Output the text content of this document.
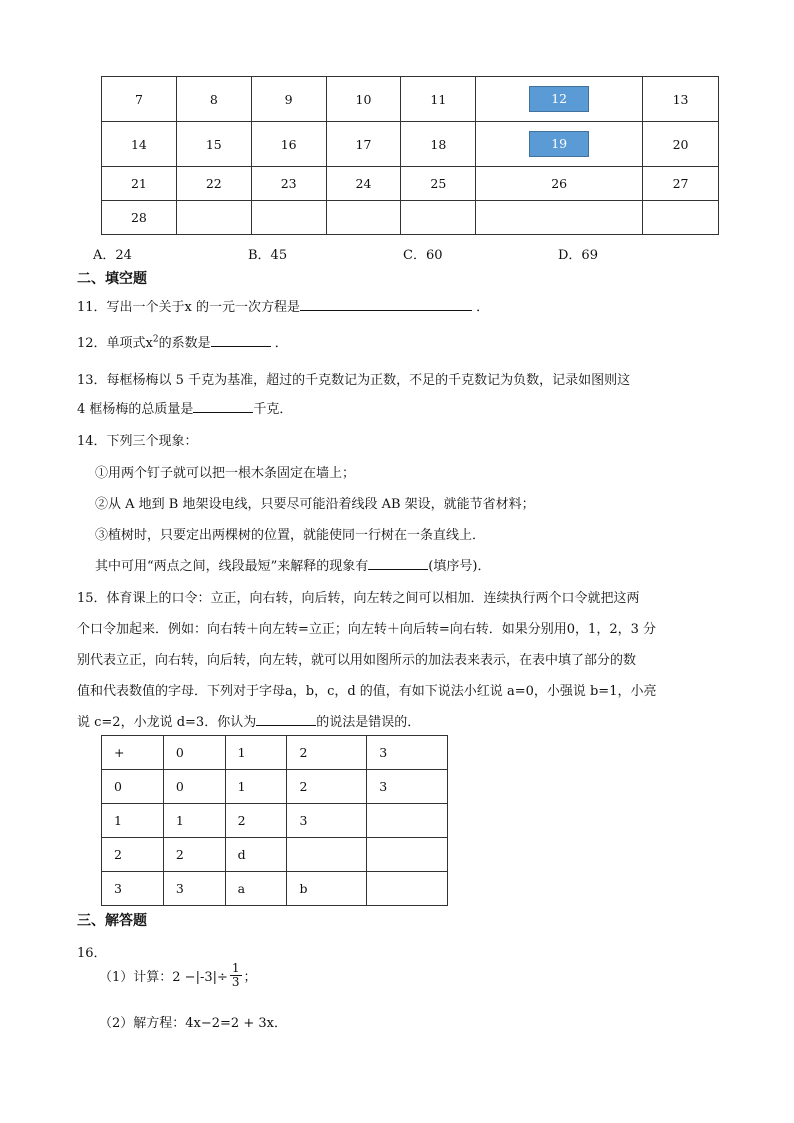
7	8	9	10	11	12	13
14	15	16	17	18	19	20
21	22	23	24	25	26	27
28						
A．24	B．45	C．60	D．69
二、填空题
11．写出一个关于x 的一元一次方程是	．
12．单项式$x^2$的系数是	．
13．每框杨梅以 5 千克为基准，超过的千克数记为正数，不足的千克数记为负数，记录如图则这
4 框杨梅的总质量是	千克．
14．下列三个现象：
①用两个钉子就可以把一根木条固定在墙上；
②从 A 地到 B 地架设电线，只要尽可能沿着线段 AB 架设，就能节省材料；
③植树时，只要定出两棵树的位置，就能使同一行树在一条直线上．
其中可用“两点之间，线段最短”来解释的现象有	(填序号)．
15．体育课上的口令：立正，向右转，向后转，向左转之间可以相加．连续执行两个口令就把这两
个口令加起来．例如：向右转＋向左转=立正；向左转＋向后转=向右转．如果分别用0，1，2，3 分
别代表立正，向右转，向后转，向左转，就可以用如图所示的加法表来表示，在表中填了部分的数
值和代表数值的字母．下列对于字母a，b，c，d 的值，有如下说法小红说 a=0，小强说 b=1，小亮
说 c=2，小龙说 d=3．你认为	的说法是错误的．
+	0	1	2	3
0	0	1	2	3
1	1	2	3	
2	2	d		
3	3	a	b	
三、解答题
16．
（1）计算：$2 -|-3|\div \frac{1}{3}$ ；
（2）解方程：4x−2=2 + 3x．
